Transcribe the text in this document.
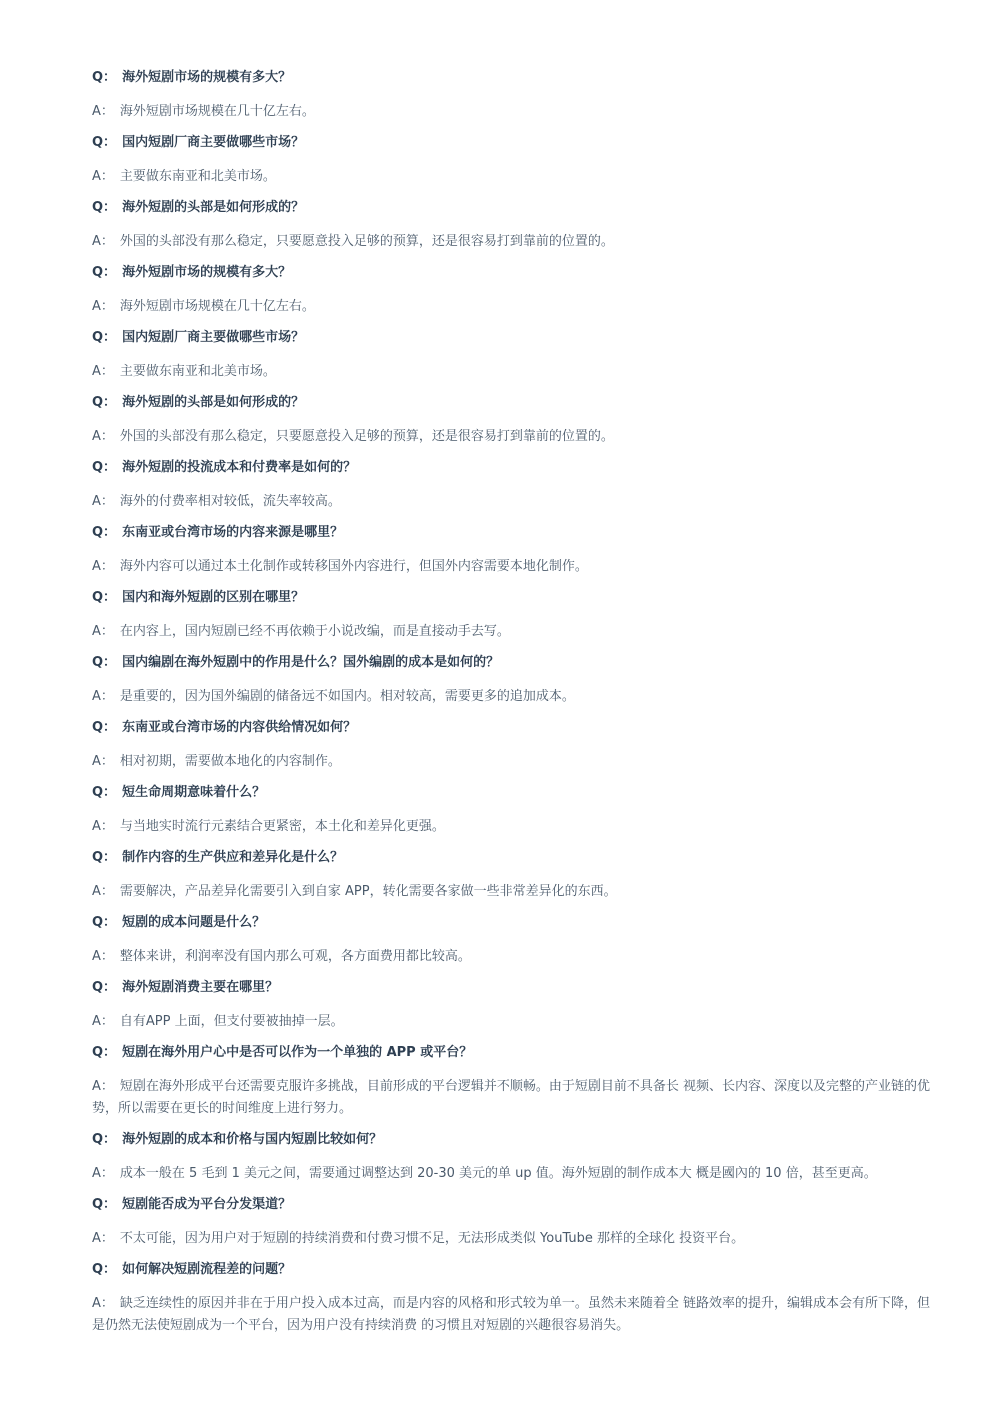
Q： 海外短剧市场的规模有多大？
A： 海外短剧市场规模在几十亿左右。
Q： 国内短剧厂商主要做哪些市场？
A： 主要做东南亚和北美市场。
Q： 海外短剧的头部是如何形成的？
A： 外国的头部没有那么稳定，只要愿意投入足够的预算，还是很容易打到靠前的位置的。
Q： 海外短剧市场的规模有多大？
A： 海外短剧市场规模在几十亿左右。
Q： 国内短剧厂商主要做哪些市场？
A： 主要做东南亚和北美市场。
Q： 海外短剧的头部是如何形成的？
A： 外国的头部没有那么稳定，只要愿意投入足够的预算，还是很容易打到靠前的位置的。
Q： 海外短剧的投流成本和付费率是如何的？
A： 海外的付费率相对较低，流失率较高。
Q： 东南亚或台湾市场的内容来源是哪里？
A： 海外内容可以通过本土化制作或转移国外内容进行，但国外内容需要本地化制作。
Q： 国内和海外短剧的区别在哪里？
A： 在内容上，国内短剧已经不再依赖于小说改编，而是直接动手去写。
Q： 国内编剧在海外短剧中的作用是什么？国外编剧的成本是如何的？
A： 是重要的，因为国外编剧的储备远不如国内。相对较高，需要更多的追加成本。
Q： 东南亚或台湾市场的内容供给情况如何？
A： 相对初期，需要做本地化的内容制作。
Q： 短生命周期意味着什么？
A： 与当地实时流行元素结合更紧密，本土化和差异化更强。
Q： 制作内容的生产供应和差异化是什么？
A： 需要解决，产品差异化需要引入到自家 APP，转化需要各家做一些非常差异化的东西。
Q： 短剧的成本问题是什么？
A： 整体来讲，利润率没有国内那么可观，各方面费用都比较高。
Q： 海外短剧消费主要在哪里？
A： 自有APP 上面，但支付要被抽掉一层。
Q： 短剧在海外用户心中是否可以作为一个单独的 APP 或平台？
A： 短剧在海外形成平台还需要克服许多挑战，目前形成的平台逻辑并不顺畅。由于短剧目前不具备长 视频、长内容、深度以及完整的产业链的优势，所以需要在更长的时间维度上进行努力。
Q： 海外短剧的成本和价格与国内短剧比较如何？
A： 成本一般在 5 毛到 1 美元之间，需要通过调整达到 20-30 美元的单 up 值。海外短剧的制作成本大 概是國內的 10 倍，甚至更高。
Q： 短剧能否成为平台分发渠道？
A： 不太可能，因为用户对于短剧的持续消费和付费习惯不足，无法形成类似 YouTube 那样的全球化 投资平台。
Q： 如何解决短剧流程差的问题？
A： 缺乏连续性的原因并非在于用户投入成本过高，而是内容的风格和形式较为单一。虽然未来随着全 链路效率的提升，编辑成本会有所下降，但是仍然无法使短剧成为一个平台，因为用户没有持续消费 的习惯且对短剧的兴趣很容易消失。
